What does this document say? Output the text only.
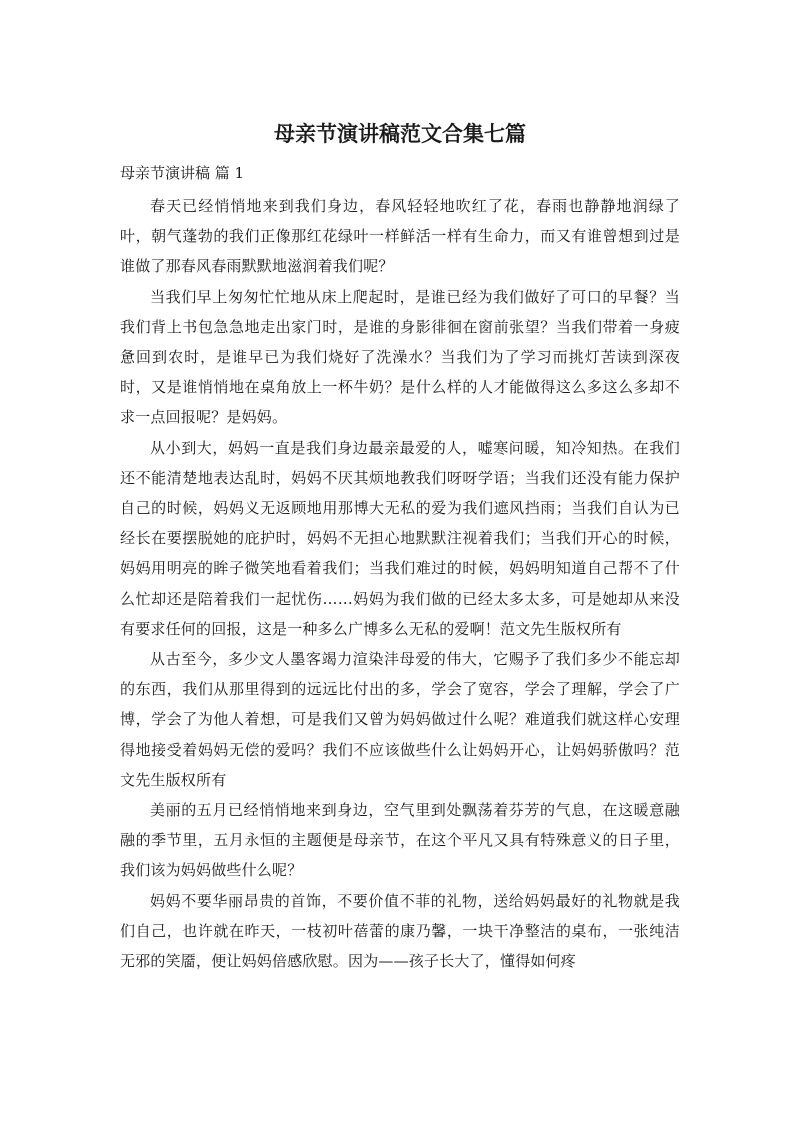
母亲节演讲稿范文合集七篇

母亲节演讲稿 篇 1

春天已经悄悄地来到我们身边，春风轻轻地吹红了花，春雨也静静地润绿了叶，朝气蓬勃的我们正像那红花绿叶一样鲜活一样有生命力，而又有谁曾想到过是谁做了那春风春雨默默地滋润着我们呢？

当我们早上匆匆忙忙地从床上爬起时，是谁已经为我们做好了可口的早餐？当我们背上书包急急地走出家门时，是谁的身影徘徊在窗前张望？当我们带着一身疲惫回到农时，是谁早已为我们烧好了洗澡水？当我们为了学习而挑灯苦读到深夜时，又是谁悄悄地在桌角放上一杯牛奶？是什么样的人才能做得这么多这么多却不求一点回报呢？是妈妈。

从小到大，妈妈一直是我们身边最亲最爱的人，嘘寒问暖，知冷知热。在我们还不能清楚地表达乱时，妈妈不厌其烦地教我们呀呀学语；当我们还没有能力保护自己的时候，妈妈义无返顾地用那博大无私的爱为我们遮风挡雨；当我们自认为已经长在要摆脱她的庇护时，妈妈不无担心地默默注视着我们；当我们开心的时候，妈妈用明亮的眸子微笑地看着我们；当我们难过的时候，妈妈明知道自己帮不了什么忙却还是陪着我们一起忧伤……妈妈为我们做的已经太多太多，可是她却从来没有要求任何的回报，这是一种多么广博多么无私的爱啊！范文先生版权所有

从古至今，多少文人墨客竭力渲染沣母爱的伟大，它赐予了我们多少不能忘却的东西，我们从那里得到的远远比付出的多，学会了宽容，学会了理解，学会了广博，学会了为他人着想，可是我们又曾为妈妈做过什么呢？难道我们就这样心安理得地接受着妈妈无偿的爱吗？我们不应该做些什么让妈妈开心，让妈妈骄傲吗？范文先生版权所有

美丽的五月已经悄悄地来到身边，空气里到处飘荡着芬芳的气息，在这暖意融融的季节里，五月永恒的主题便是母亲节，在这个平凡又具有特殊意义的日子里，我们该为妈妈做些什么呢？

妈妈不要华丽昂贵的首饰，不要价值不菲的礼物，送给妈妈最好的礼物就是我们自己，也许就在昨天，一枝初叶蓓蕾的康乃馨，一块干净整洁的桌布，一张纯洁无邪的笑靥，便让妈妈倍感欣慰。因为——孩子长大了，懂得如何疼
